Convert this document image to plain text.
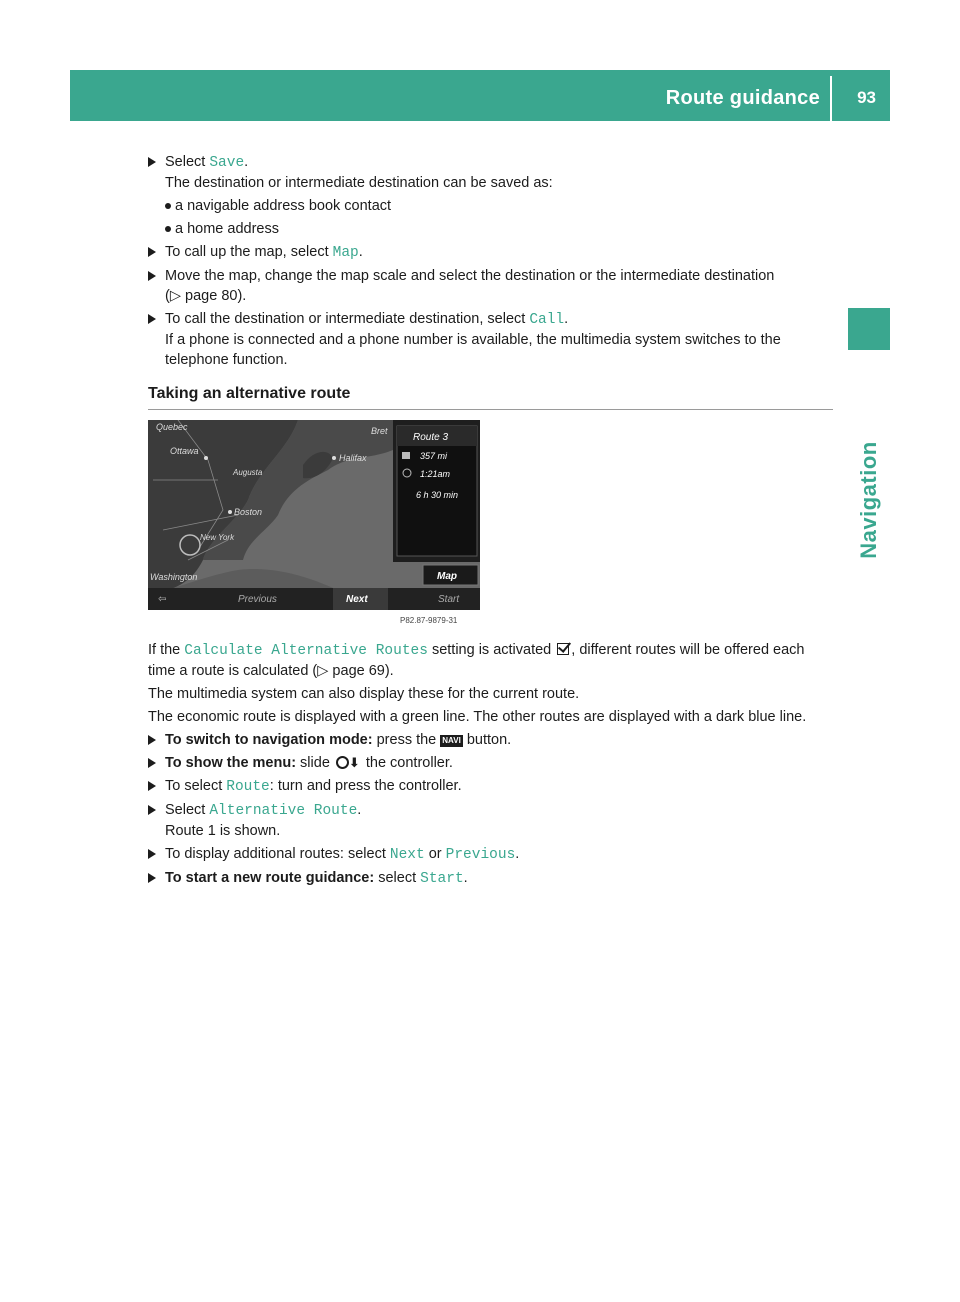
Route guidance 93
Navigation
Select Save.
The destination or intermediate destination can be saved as:
a navigable address book contact
a home address
To call up the map, select Map.
Move the map, change the map scale and select the destination or the intermediate destination
(▷ page 80).
To call the destination or intermediate destination, select Call.
If a phone is connected and a phone number is available, the multimedia system switches to the telephone function.
Taking an alternative route
Quebec
Ottawa
Augusta
Halifax
Boston
New York
Washington
Bret
Route 3
357 mi
1:21am
6 h 30 min
Map
⇦	Previous	Next	Start
P82.87-9879-31
If the Calculate Alternative Routes setting is activated , different routes will be offered each time a route is calculated (▷ page 69).
The multimedia system can also display these for the current route.
The economic route is displayed with a green line. The other routes are displayed with a dark blue line.
To switch to navigation mode: press the NAVI button.
To show the menu: slide ⬇ the controller.
To select Route: turn and press the controller.
Select Alternative Route.
Route 1 is shown.
To display additional routes: select Next or Previous.
To start a new route guidance: select Start.
